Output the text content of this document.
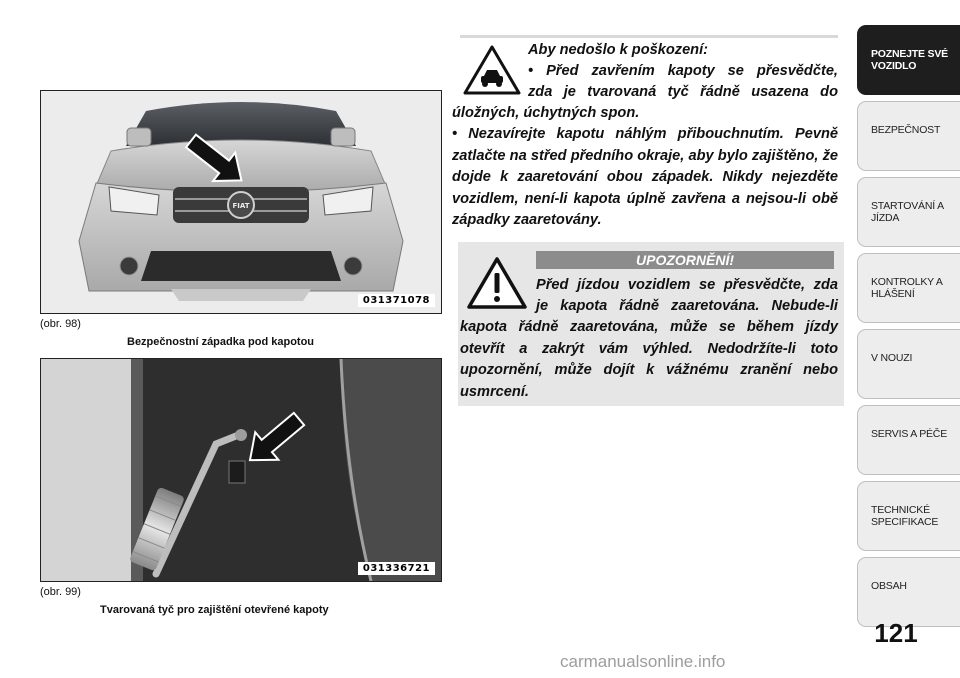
FIAT
031371078
(obr. 98)
Bezpečnostní západka pod kapotou
031336721
(obr. 99)
Tvarovaná tyč pro zajištění otevřené kapoty
Aby nedošlo k poškození:
• Před zavřením kapoty se přesvědčte,
zda je tvarovaná tyč řádně usazena do
úložných, úchytných spon.
• Nezavírejte kapotu náhlým přibouchnutím. Pevně zatlačte na střed předního okraje, aby bylo zajištěno, že dojde k zaaretování obou západek. Nikdy nejezděte vozidlem, není-li kapota úplně zavřena a nejsou-li obě západky zaaretovány.
UPOZORNĚNÍ!
Před jízdou vozidlem se přesvědčte, zda
je kapota řádně zaaretována. Nebude-li
kapota řádně zaaretována, může se během jízdy otevřít a zakrýt vám výhled. Nedodržíte-li toto upozornění, může dojít k vážnému zranění nebo usmrcení.
POZNEJTE SVÉ VOZIDLO
BEZPEČNOST
STARTOVÁNÍ A JÍZDA
KONTROLKY A HLÁŠENÍ
V NOUZI
SERVIS A PÉČE
TECHNICKÉ SPECIFIKACE
OBSAH
121
carmanualsonline.info
